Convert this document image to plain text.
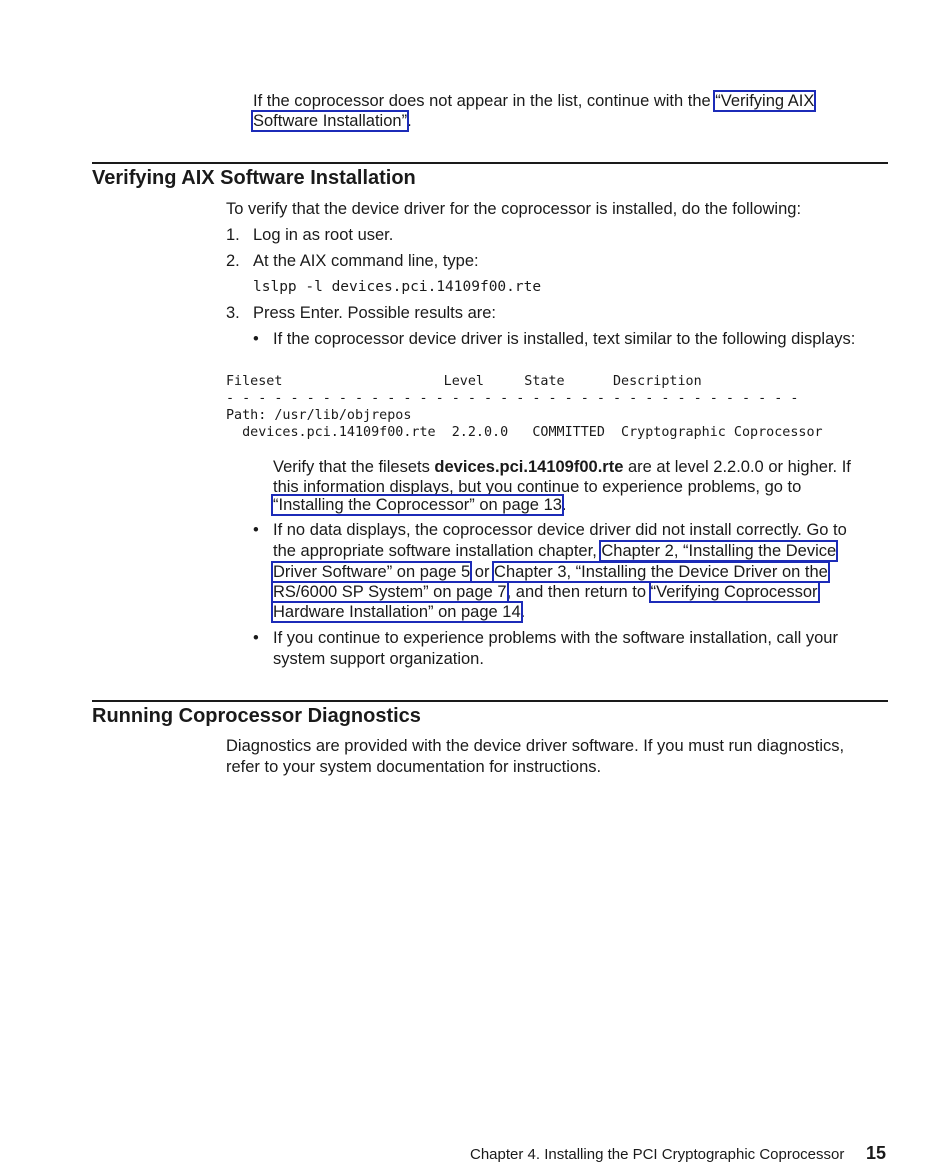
If the coprocessor does not appear in the list, continue with the “Verifying AIX
Software Installation”.
Verifying AIX Software Installation
To verify that the device driver for the coprocessor is installed, do the following:
1. Log in as root user.
2. At the AIX command line, type:
lslpp -l devices.pci.14109f00.rte
3. Press Enter. Possible results are:
• If the coprocessor device driver is installed, text similar to the following displays:
Fileset                    Level     State      Description
- - - - - - - - - - - - - - - - - - - - - - - - - - - - - - - - - - - -
Path: /usr/lib/objrepos
devices.pci.14109f00.rte  2.2.0.0   COMMITTED  Cryptographic Coprocessor
Verify that the filesets devices.pci.14109f00.rte are at level 2.2.0.0 or higher. If
this information displays, but you continue to experience problems, go to
“Installing the Coprocessor” on page 13.
• If no data displays, the coprocessor device driver did not install correctly. Go to
the appropriate software installation chapter, Chapter 2, “Installing the Device
Driver Software” on page 5 or Chapter 3, “Installing the Device Driver on the
RS/6000 SP System” on page 7, and then return to “Verifying Coprocessor
Hardware Installation” on page 14.
• If you continue to experience problems with the software installation, call your
system support organization.
Running Coprocessor Diagnostics
Diagnostics are provided with the device driver software. If you must run diagnostics,
refer to your system documentation for instructions.
Chapter 4. Installing the PCI Cryptographic Coprocessor 15
